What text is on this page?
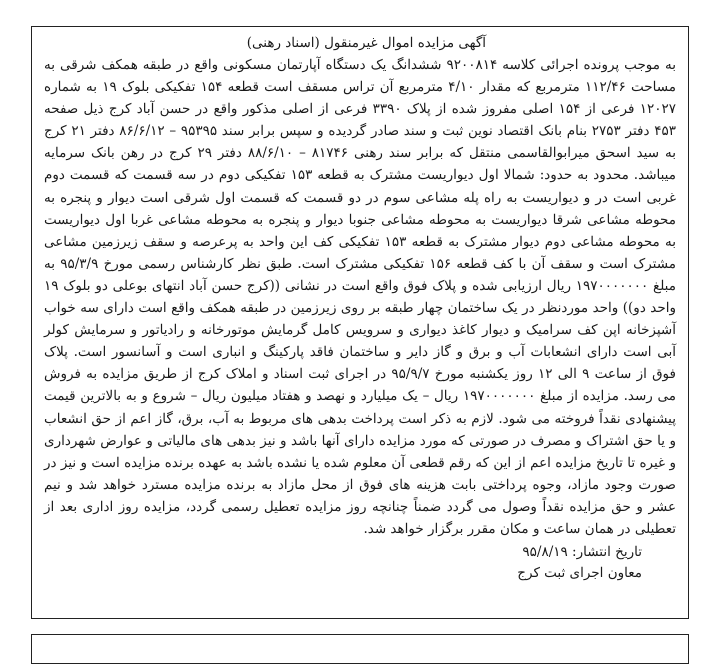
آگهی مزایده اموال غیرمنقول (اسناد رهنی)

به موجب پرونده اجرائی کلاسه ۹۲۰۰۸۱۴ ششدانگ یک دستگاه آپارتمان مسکونی واقع در طبقه همکف شرقی به مساحت ۱۱۲/۴۶ مترمربع که مقدار ۴/۱۰ مترمربع آن تراس مسقف است قطعه ۱۵۴ تفکیکی بلوک ۱۹ به شماره ۱۲۰۲۷ فرعی از ۱۵۴ اصلی مفروز شده از پلاک ۳۳۹۰ فرعی از اصلی مذکور واقع در حسن آباد کرج ذیل صفحه ۴۵۳ دفتر ۲۷۵۳ بنام بانک اقتصاد نوین ثبت و سند صادر گردیده و سپس برابر سند ۹۵۳۹۵ – ۸۶/۶/۱۲ دفتر ۲۱ کرج به سید اسحق میرابوالقاسمی منتقل که برابر سند رهنی ۸۱۷۴۶ – ۸۸/۶/۱۰ دفتر ۲۹ کرج در رهن بانک سرمایه میباشد. محدود به حدود: شمالا اول دیواریست مشترک به قطعه ۱۵۳ تفکیکی دوم در سه قسمت که قسمت دوم غربی است در و دیواریست به راه پله مشاعی سوم در دو قسمت که قسمت اول شرقی است دیوار و پنجره به محوطه مشاعی شرقا دیواریست به محوطه مشاعی جنوبا دیوار و پنجره به محوطه مشاعی غربا اول دیواریست به محوطه مشاعی دوم دیوار مشترک به قطعه ۱۵۳ تفکیکی کف این واحد به پرعرصه و سقف زیرزمین مشاعی مشترک است و سقف آن با کف قطعه ۱۵۶ تفکیکی مشترک است. طبق نظر کارشناس رسمی مورخ ۹۵/۳/۹ به مبلغ ۱۹۷۰۰۰۰۰۰۰ ریال ارزیابی شده و پلاک فوق واقع است در نشانی ((کرج حسن آباد انتهای بوعلی دو بلوک ۱۹ واحد دو)) واحد موردنظر در یک ساختمان چهار طبقه بر روی زیرزمین در طبقه همکف واقع است دارای سه خواب آشپزخانه اپن کف سرامیک و دیوار کاغذ دیواری و سرویس کامل گرمایش موتورخانه و رادیاتور و سرمایش کولر آبی است دارای انشعابات آب و برق و گاز دایر و ساختمان فاقد پارکینگ و انباری است و آسانسور است. پلاک فوق از ساعت ۹ الی ۱۲ روز یکشنبه مورخ ۹۵/۹/۷ در اجرای ثبت اسناد و املاک کرج از طریق مزایده به فروش می رسد. مزایده از مبلغ ۱۹۷۰۰۰۰۰۰۰ ریال – یک میلیارد و نهصد و هفتاد میلیون ریال – شروع و به بالاترین قیمت پیشنهادی نقداً فروخته می شود. لازم به ذکر است پرداخت بدهی های مربوط به آب، برق، گاز اعم از حق انشعاب و یا حق اشتراک و مصرف در صورتی که مورد مزایده دارای آنها باشد و نیز بدهی های مالیاتی و عوارض شهرداری و غیره تا تاریخ مزایده اعم از این که رقم قطعی آن معلوم شده یا نشده باشد به عهده برنده مزایده است و نیز در صورت وجود مازاد، وجوه پرداختی بابت هزینه های فوق از محل مازاد به برنده مزایده مسترد خواهد شد و نیم عشر و حق مزایده نقداً وصول می گردد ضمناً چنانچه روز مزایده تعطیل رسمی گردد، مزایده روز اداری بعد از تعطیلی در همان ساعت و مکان مقرر برگزار خواهد شد.

تاریخ انتشار: ۹۵/۸/۱۹
معاون اجرای ثبت کرج
